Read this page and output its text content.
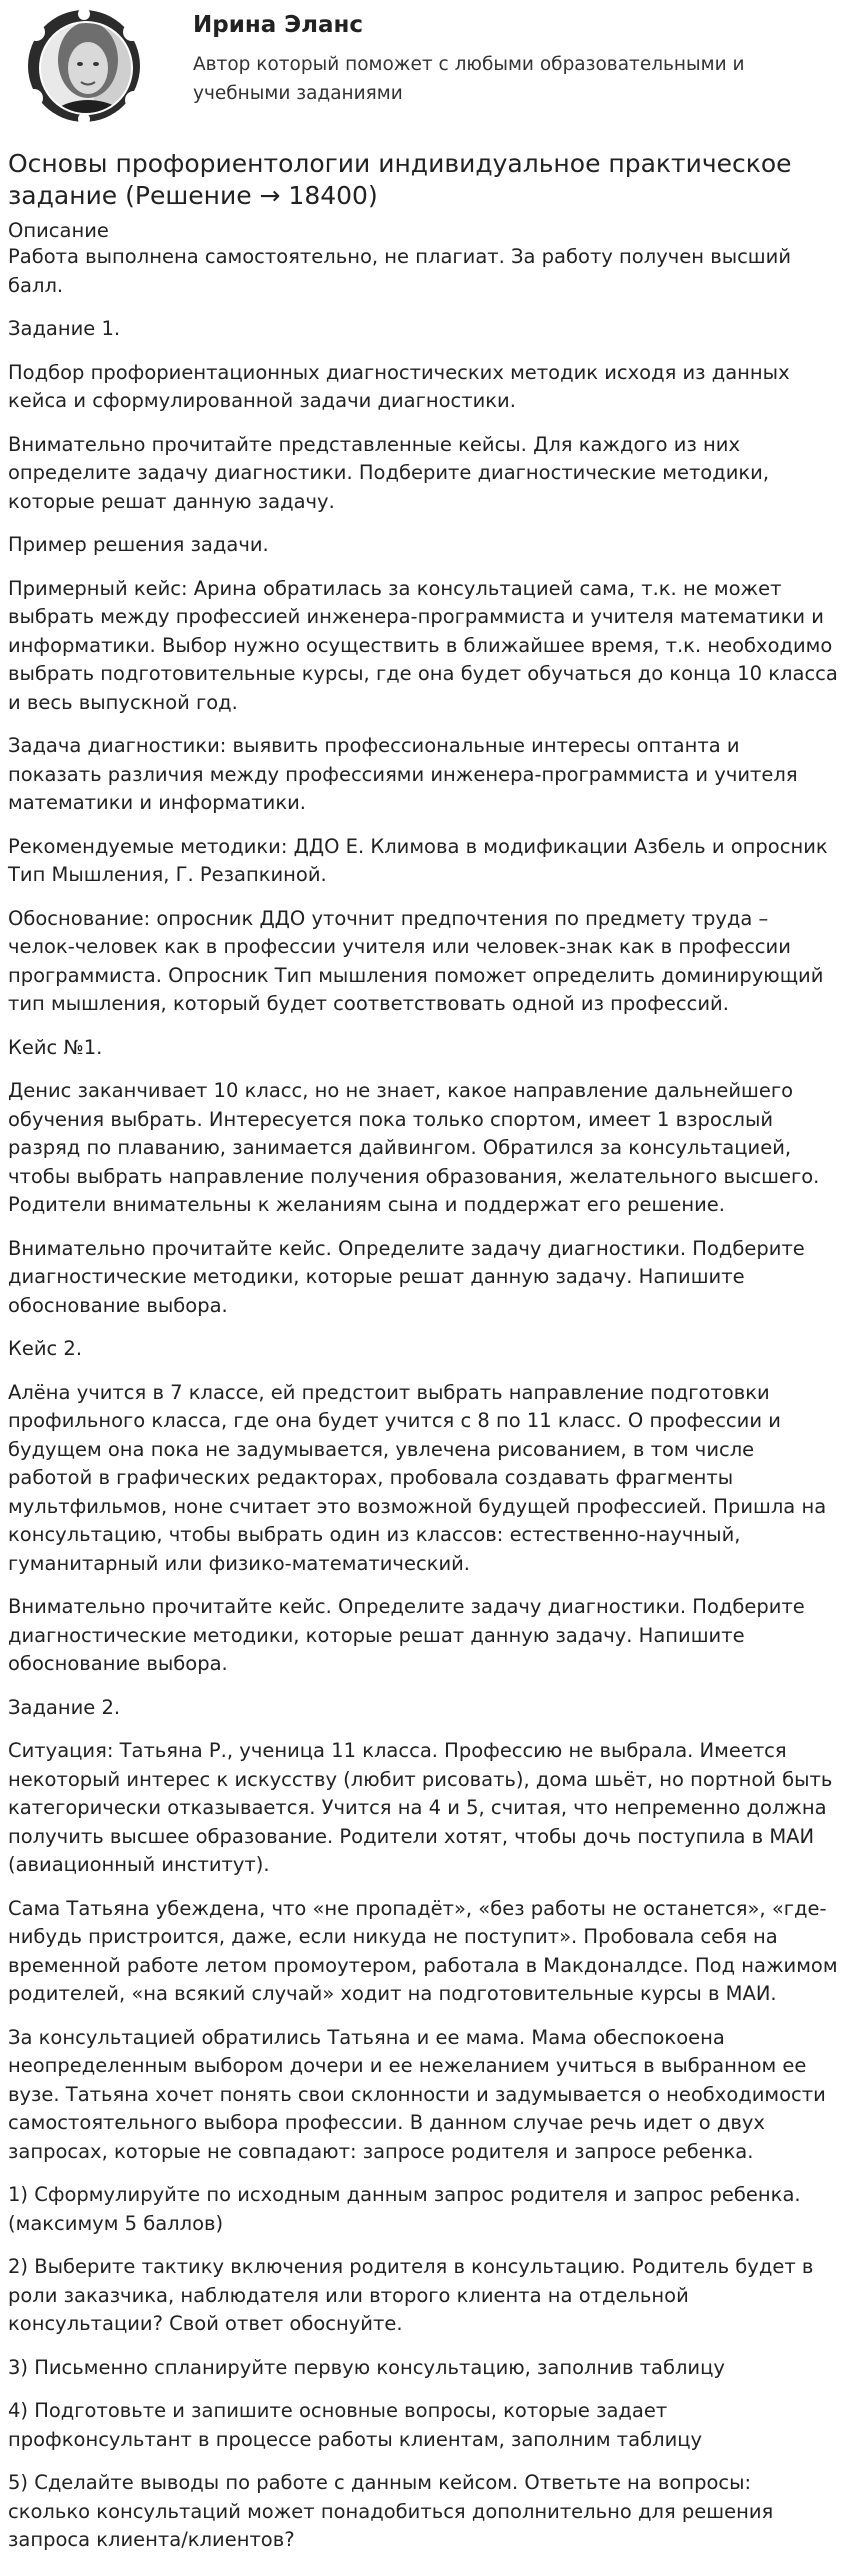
Ирина Эланс

Автор который поможет с любыми образовательными и учебными заданиями

Основы профориентологии индивидуальное практическое задание (Решение → 18400)
Описание

Работа выполнена самостоятельно, не плагиат. За работу получен высший балл.

Задание 1.

Подбор профориентационных диагностических методик исходя из данных кейса и сформулированной задачи диагностики.

Внимательно прочитайте представленные кейсы. Для каждого из них определите задачу диагностики. Подберите диагностические методики, которые решат данную задачу.

Пример решения задачи.

Примерный кейс: Арина обратилась за консультацией сама, т.к. не может выбрать между профессией инженера-программиста и учителя математики и информатики. Выбор нужно осуществить в ближайшее время, т.к. необходимо выбрать подготовительные курсы, где она будет обучаться до конца 10 класса и весь выпускной год.

Задача диагностики: выявить профессиональные интересы оптанта и показать различия между профессиями инженера-программиста и учителя математики и информатики.

Рекомендуемые методики: ДДО Е. Климова в модификации Азбель и опросник Тип Мышления, Г. Резапкиной.

Обоснование: опросник ДДО уточнит предпочтения по предмету труда – челок-человек как в профессии учителя или человек-знак как в профессии программиста. Опросник Тип мышления поможет определить доминирующий тип мышления, который будет соответствовать одной из профессий.

Кейс №1.

Денис заканчивает 10 класс, но не знает, какое направление дальнейшего обучения выбрать. Интересуется пока только спортом, имеет 1 взрослый разряд по плаванию, занимается дайвингом. Обратился за консультацией, чтобы выбрать направление получения образования, желательного высшего. Родители внимательны к желаниям сына и поддержат его решение.

Внимательно прочитайте кейс. Определите задачу диагностики. Подберите диагностические методики, которые решат данную задачу. Напишите обоснование выбора.

Кейс 2.

Алёна учится в 7 классе, ей предстоит выбрать направление подготовки профильного класса, где она будет учится с 8 по 11 класс. О профессии и будущем она пока не задумывается, увлечена рисованием, в том числе работой в графических редакторах, пробовала создавать фрагменты мультфильмов, ноне считает это возможной будущей профессией. Пришла на консультацию, чтобы выбрать один из классов: естественно-научный, гуманитарный или физико-математический.

Внимательно прочитайте кейс. Определите задачу диагностики. Подберите диагностические методики, которые решат данную задачу. Напишите обоснование выбора.

Задание 2.

Ситуация: Татьяна Р., ученица 11 класса. Профессию не выбрала. Имеется некоторый интерес к искусству (любит рисовать), дома шьёт, но портной быть категорически отказывается. Учится на 4 и 5, считая, что непременно должна получить высшее образование. Родители хотят, чтобы дочь поступила в МАИ (авиационный институт).

Сама Татьяна убеждена, что «не пропадёт», «без работы не останется», «где-нибудь пристроится, даже, если никуда не поступит». Пробовала себя на временной работе летом промоутером, работала в Макдоналдсе. Под нажимом родителей, «на всякий случай» ходит на подготовительные курсы в МАИ.

За консультацией обратились Татьяна и ее мама. Мама обеспокоена неопределенным выбором дочери и ее нежеланием учиться в выбранном ее вузе. Татьяна хочет понять свои склонности и задумывается о необходимости самостоятельного выбора профессии. В данном случае речь идет о двух запросах, которые не совпадают: запросе родителя и запросе ребенка.

1) Сформулируйте по исходным данным запрос родителя и запрос ребенка. (максимум 5 баллов)

2) Выберите тактику включения родителя в консультацию. Родитель будет в роли заказчика, наблюдателя или второго клиента на отдельной консультации? Свой ответ обоснуйте.

3) Письменно спланируйте первую консультацию, заполнив таблицу

4) Подготовьте и запишите основные вопросы, которые задает профконсультант в процессе работы клиентам, заполним таблицу

5) Сделайте выводы по работе с данным кейсом. Ответьте на вопросы: сколько консультаций может понадобиться дополнительно для решения запроса клиента/клиентов?
